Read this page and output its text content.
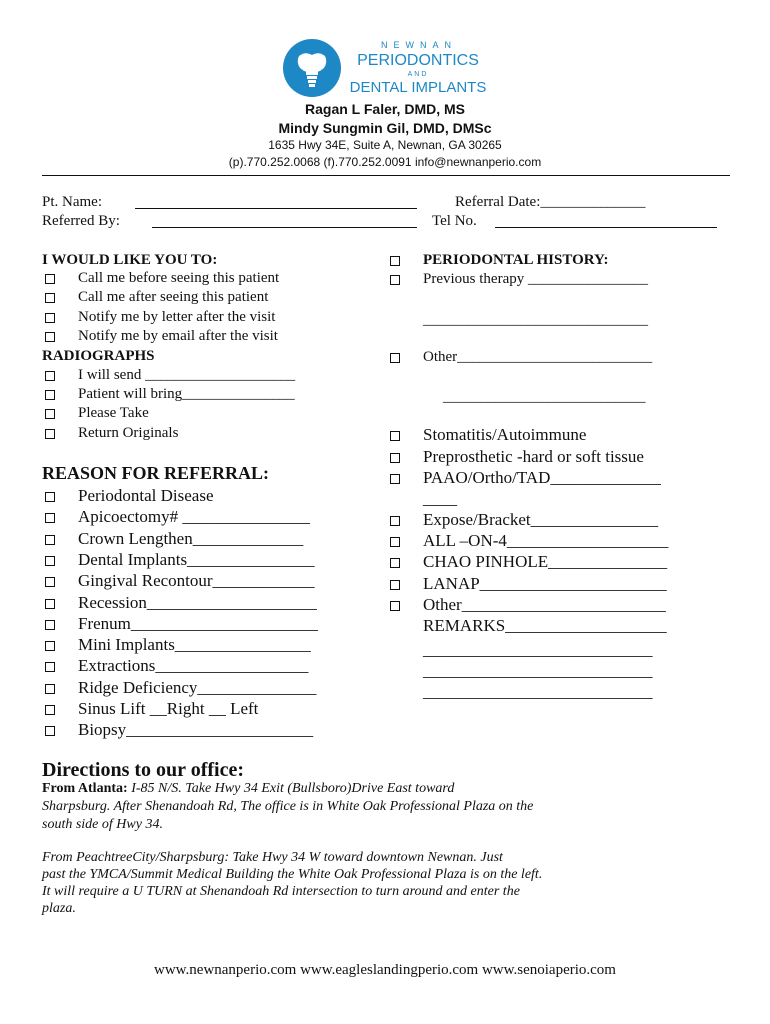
NEWNAN
PERIODONTICS
AND
DENTAL IMPLANTS
Ragan L Faler, DMD, MS
Mindy Sungmin Gil, DMD, DMSc
1635 Hwy 34E, Suite A, Newnan, GA 30265
(p).770.252.0068 (f).770.252.0091 info@newnanperio.com
Pt. Name:
Referred By:
Referral Date:______________
Tel No.
I WOULD LIKE YOU TO:
Call me before seeing this patient
Call me after seeing this patient
Notify me by letter after the visit
Notify me by email after the visit
RADIOGRAPHS
I will send ____________________
Patient will bring_______________
Please Take
Return Originals
REASON FOR REFERRAL:
Periodontal Disease
Apicoectomy# _______________
Crown Lengthen_____________
Dental Implants_______________
Gingival Recontour____________
Recession____________________
Frenum______________________
Mini Implants________________
Extractions__________________
Ridge Deficiency______________
Sinus Lift __Right __ Left
Biopsy______________________
PERIODONTAL HISTORY:
Previous therapy ________________
______________________________
Other__________________________
___________________________
Stomatitis/Autoimmune
Preprosthetic -hard or soft tissue
PAAO/Ortho/TAD_____________
____
Expose/Bracket_______________
ALL –ON-4___________________
CHAO PINHOLE______________
LANAP______________________
Other________________________
REMARKS___________________
___________________________
___________________________
___________________________
Directions to our office:
From Atlanta: I-85 N/S. Take Hwy 34 Exit (Bullsboro)Drive East toward
Sharpsburg. After Shenandoah Rd, The office is in White Oak Professional Plaza on the
south side of Hwy 34.
From PeachtreeCity/Sharpsburg: Take Hwy 34 W toward downtown Newnan. Just
past the YMCA/Summit Medical Building the White Oak Professional Plaza is on the left.
It will require a U TURN at Shenandoah Rd intersection to turn around and enter the
plaza.
www.newnanperio.com www.eagleslandingperio.com www.senoiaperio.com
